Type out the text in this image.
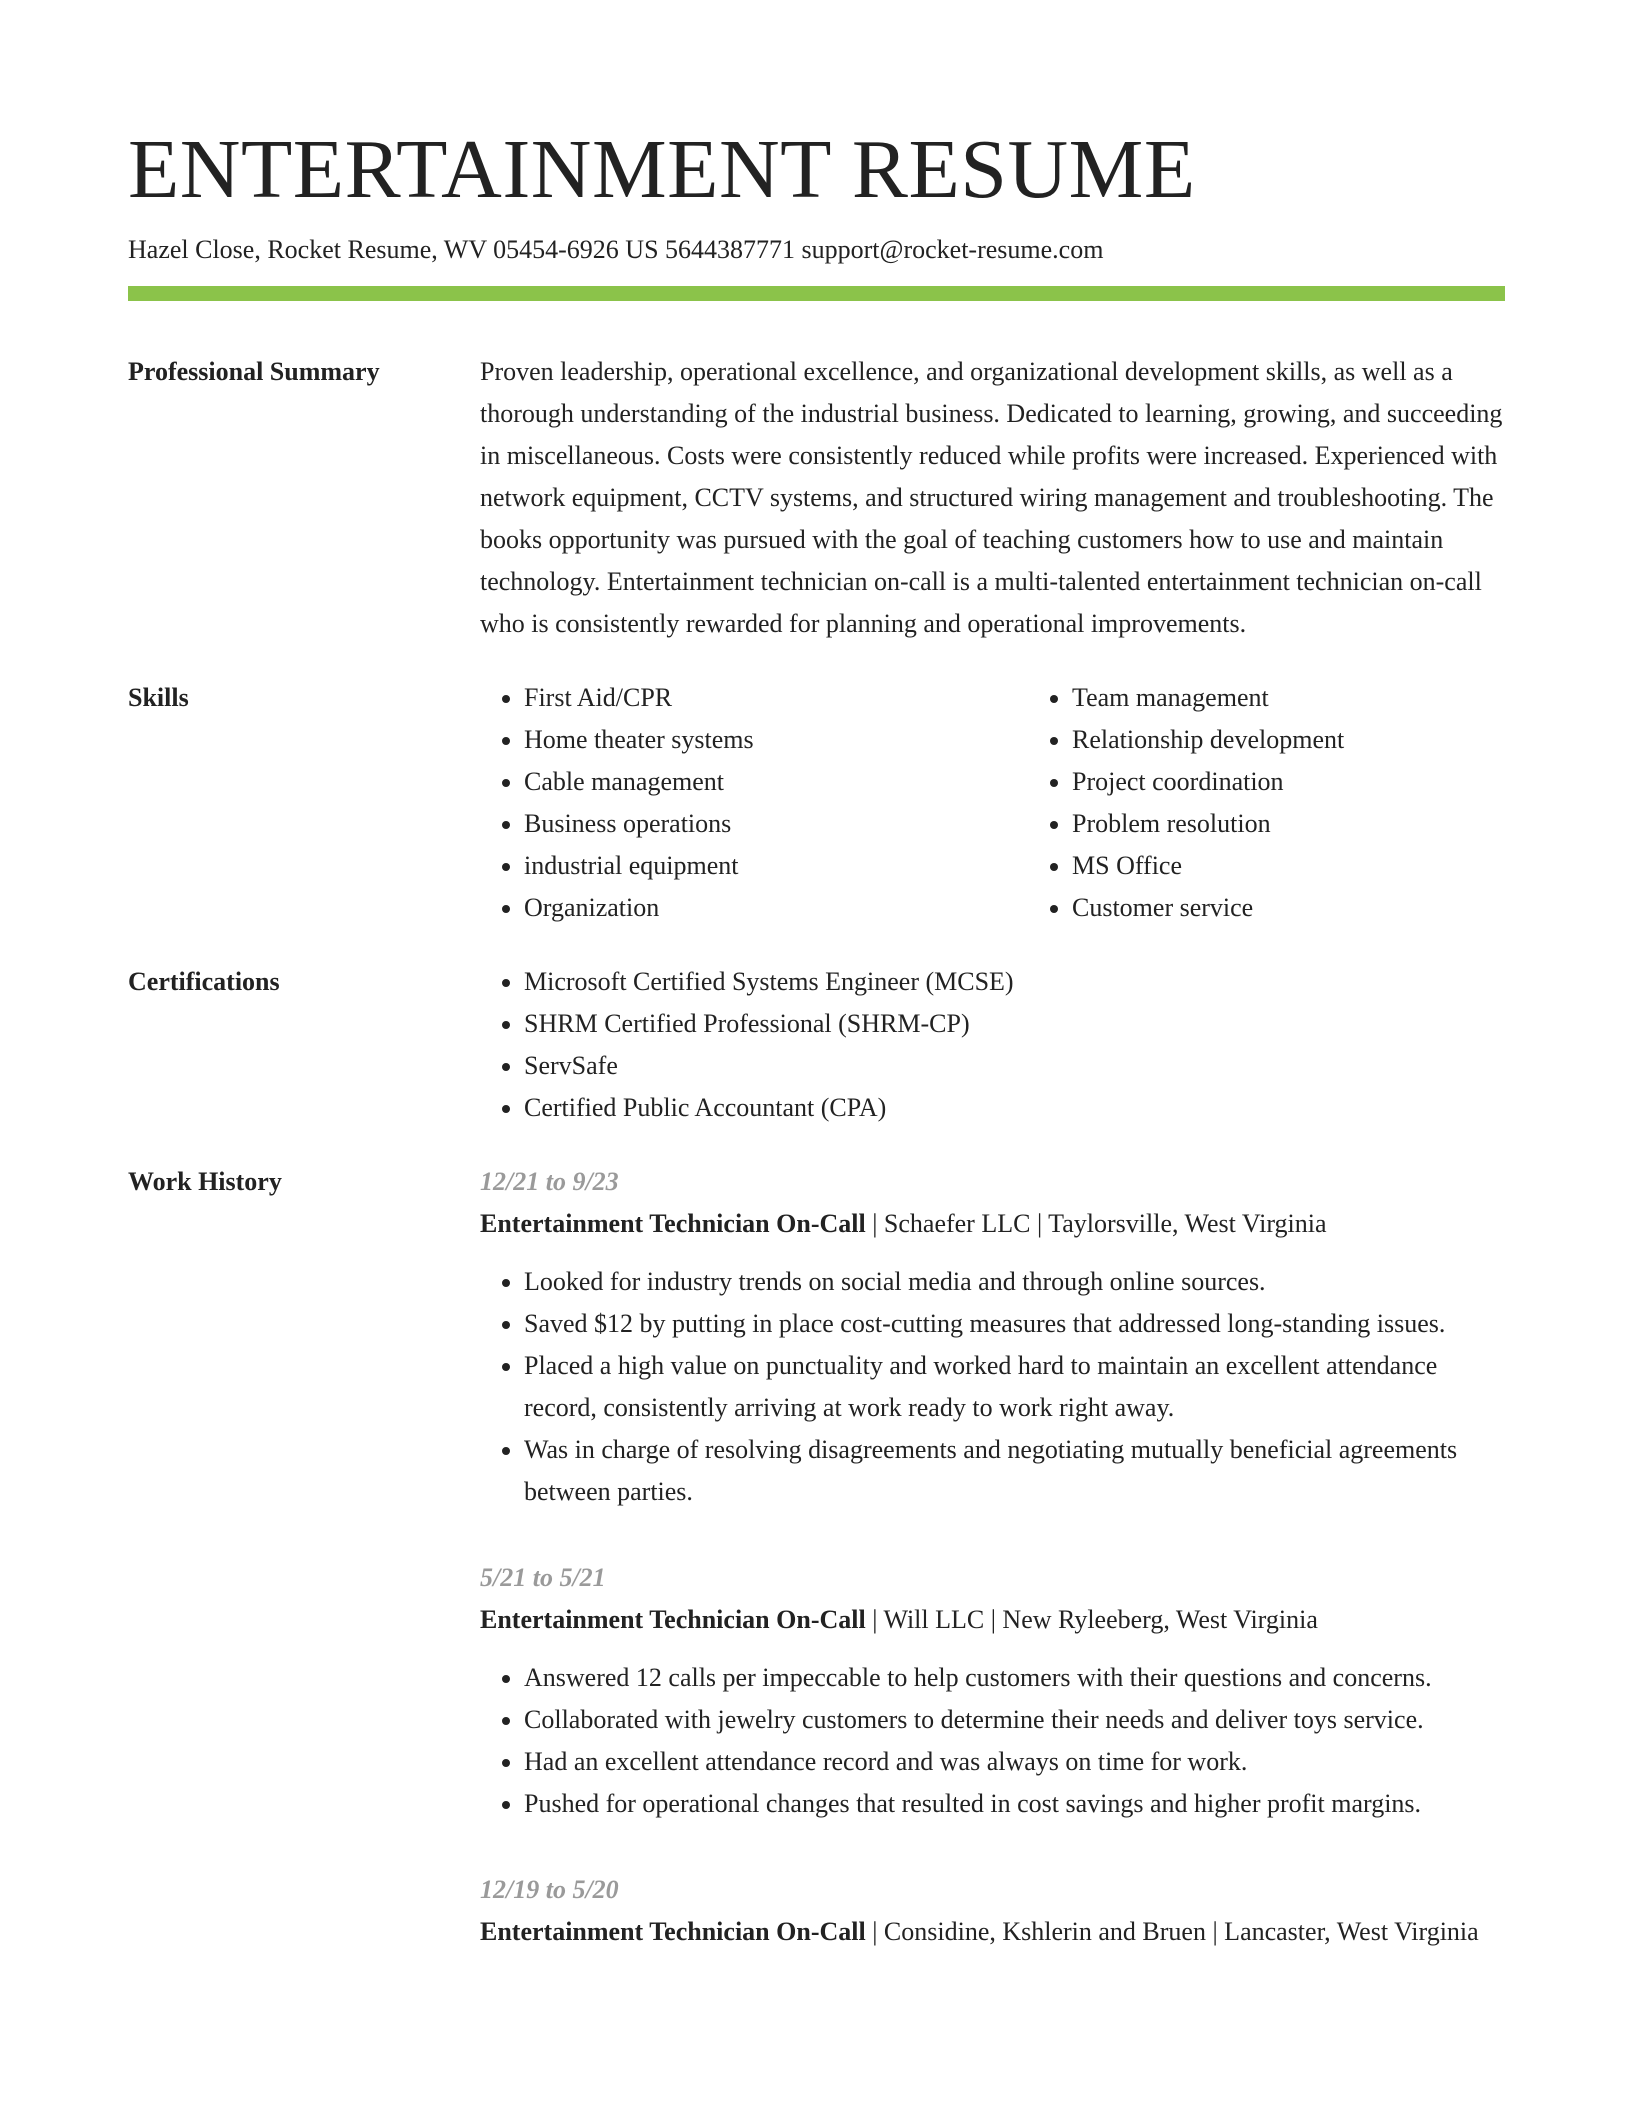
ENTERTAINMENT RESUME
Hazel Close, Rocket Resume, WV 05454-6926 US 5644387771 support@rocket-resume.com
Professional Summary	Proven leadership, operational excellence, and organizational development skills, as well as a thorough understanding of the industrial business. Dedicated to learning, growing, and succeeding in miscellaneous. Costs were consistently reduced while profits were increased. Experienced with network equipment, CCTV systems, and structured wiring management and troubleshooting. The books opportunity was pursued with the goal of teaching customers how to use and maintain technology. Entertainment technician on-call is a multi-talented entertainment technician on-call who is consistently rewarded for planning and operational improvements.
Skills	• First Aid/CPR
• Home theater systems
• Cable management
• Business operations
• industrial equipment
• Organization
• Team management
• Relationship development
• Project coordination
• Problem resolution
• MS Office
• Customer service
Certifications	• Microsoft Certified Systems Engineer (MCSE)
• SHRM Certified Professional (SHRM-CP)
• ServSafe
• Certified Public Accountant (CPA)
Work History	12/21 to 9/23
Entertainment Technician On-Call | Schaefer LLC | Taylorsville, West Virginia
• Looked for industry trends on social media and through online sources.
• Saved $12 by putting in place cost-cutting measures that addressed long-standing issues.
• Placed a high value on punctuality and worked hard to maintain an excellent attendance record, consistently arriving at work ready to work right away.
• Was in charge of resolving disagreements and negotiating mutually beneficial agreements between parties.
5/21 to 5/21
Entertainment Technician On-Call | Will LLC | New Ryleeberg, West Virginia
• Answered 12 calls per impeccable to help customers with their questions and concerns.
• Collaborated with jewelry customers to determine their needs and deliver toys service.
• Had an excellent attendance record and was always on time for work.
• Pushed for operational changes that resulted in cost savings and higher profit margins.
12/19 to 5/20
Entertainment Technician On-Call | Considine, Kshlerin and Bruen | Lancaster, West Virginia
